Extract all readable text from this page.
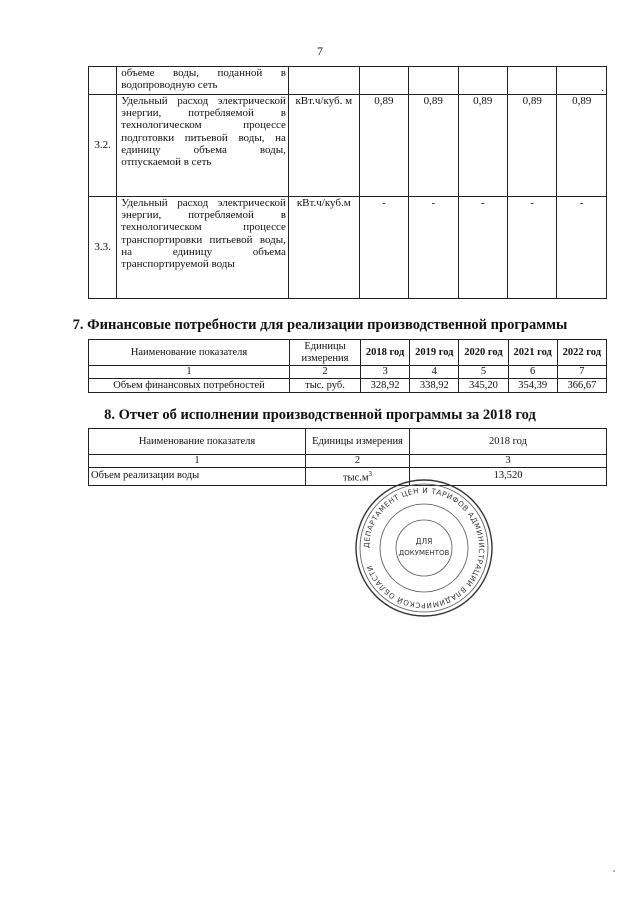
7
	объеме воды, поданной в водопроводную сеть						.
3.2.	Удельный расход электрической энергии, потребляемой в технологическом процессе подготовки питьевой воды, на единицу объема воды, отпускаемой в сеть	кВт.ч/куб. м	0,89	0,89	0,89	0,89	0,89
3.3.	Удельный расход электрической энергии, потребляемой в технологическом процессе транспортировки питьевой воды, на единицу объема транспортируемой воды	кВт.ч/куб.м	-	-	-	-	-
7. Финансовые потребности для реализации производственной программы
Наименование показателя	Единицы измерения	2018 год	2019 год	2020 год	2021 год	2022 год
1	2	3	4	5	6	7
Объем финансовых потребностей	тыс. руб.	328,92	338,92	345,20	354,39	366,67
8. Отчет об исполнении производственной программы за 2018 год
Наименование показателя	Единицы измерения	2018 год
1	2	3
Объем реализации воды	$тыс.м^3$	13,520
ДЕПАРТАМЕНТ ЦЕН И ТАРИФОВ АДМИНИСТРАЦИИ ВЛАДИМИРСКОЙ ОБЛАСТИ
ДЛЯ
ДОКУМЕНТОВ
